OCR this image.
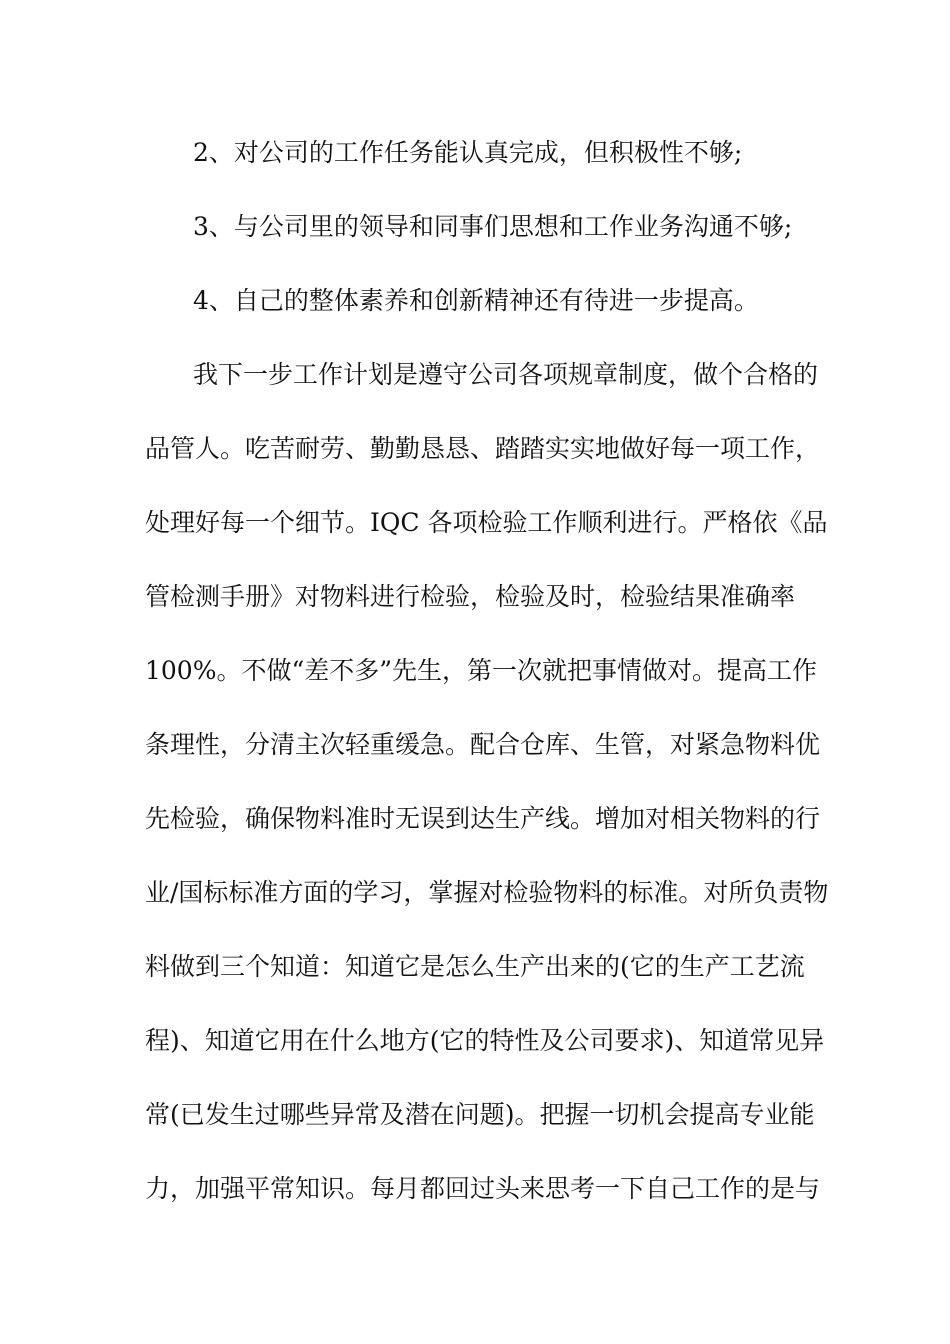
2、对公司的工作任务能认真完成，但积极性不够;
3、与公司里的领导和同事们思想和工作业务沟通不够;
4、自己的整体素养和创新精神还有待进一步提高。
我下一步工作计划是遵守公司各项规章制度，做个合格的
品管人。吃苦耐劳、勤勤恳恳、踏踏实实地做好每一项工作，
处理好每一个细节。IQC 各项检验工作顺利进行。严格依《品
管检测手册》对物料进行检验，检验及时，检验结果准确率
100%。不做“差不多”先生，第一次就把事情做对。提高工作
条理性，分清主次轻重缓急。配合仓库、生管，对紧急物料优
先检验，确保物料准时无误到达生产线。增加对相关物料的行
业/国标标准方面的学习，掌握对检验物料的标准。对所负责物
料做到三个知道：知道它是怎么生产出来的(它的生产工艺流
程)、知道它用在什么地方(它的特性及公司要求)、知道常见异
常(已发生过哪些异常及潜在问题)。把握一切机会提高专业能
力，加强平常知识。每月都回过头来思考一下自己工作的是与
